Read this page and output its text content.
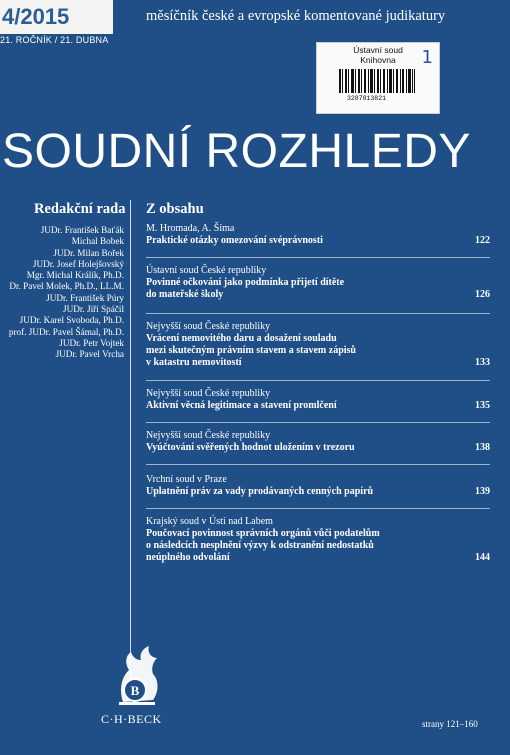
4/2015
21. ROČNÍK / 21. DUBNA
měsíčník české a evropské komentované judikatury
Ústavní soud
Knihovna
3287813821
1
SOUDNÍ ROZHLEDY
Redakční rada
JUDr. František Baťák
Michal Bobek
JUDr. Milan Bořek
JUDr. Josef Holejšovský
Mgr. Michal Králík, Ph.D.
Dr. Pavel Molek, Ph.D., LL.M.
JUDr. František Púry
JUDr. Jiří Spáčil
JUDr. Karel Svoboda, Ph.D.
prof. JUDr. Pavel Šámal, Ph.D.
JUDr. Petr Vojtek
JUDr. Pavel Vrcha
Z obsahu
M. Hromada, A. Šíma
Praktické otázky omezování svéprávnosti	122
Ústavní soud České republiky
Povinné očkování jako podmínka přijetí dítěte
do mateřské školy	126
Nejvyšší soud České republiky
Vrácení nemovitého daru a dosažení souladu
mezi skutečným právním stavem a stavem zápisů
v katastru nemovitostí	133
Nejvyšší soud České republiky
Aktivní věcná legitimace a stavení promlčení	135
Nejvyšší soud České republiky
Vyúčtování svěřených hodnot uložením v trezoru	138
Vrchní soud v Praze
Uplatnění práv za vady prodávaných cenných papírů	139
Krajský soud v Ústí nad Labem
Poučovací povinnost správních orgánů vůči podatelům
o následcích nesplnění výzvy k odstranění nedostatků
neúplného odvolání	144
B
C·H·BECK	strany 121–160
